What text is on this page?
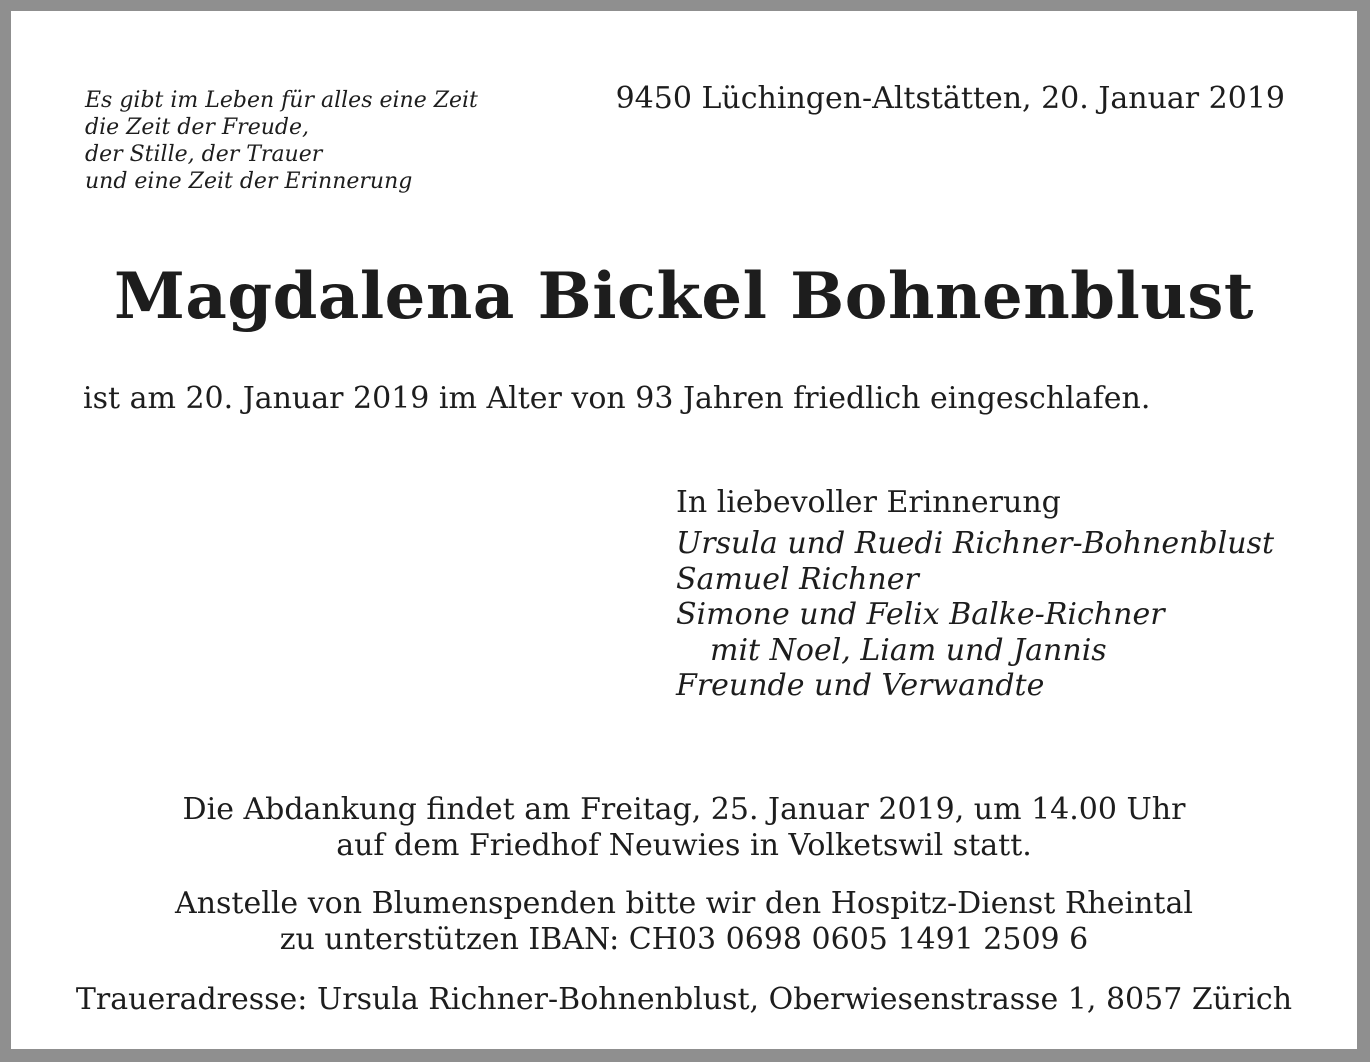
Es gibt im Leben für alles eine Zeit
die Zeit der Freude,
der Stille, der Trauer
und eine Zeit der Erinnerung
9450 Lüchingen-Altstätten, 20. Januar 2019
Magdalena Bickel Bohnenblust
ist am 20. Januar 2019 im Alter von 93 Jahren friedlich eingeschlafen.
In liebevoller Erinnerung
Ursula und Ruedi Richner-Bohnenblust
Samuel Richner
Simone und Felix Balke-Richner
mit Noel, Liam und Jannis
Freunde und Verwandte
Die Abdankung findet am Freitag, 25. Januar 2019, um 14.00 Uhr
auf dem Friedhof Neuwies in Volketswil statt.
Anstelle von Blumenspenden bitte wir den Hospitz-Dienst Rheintal
zu unterstützen IBAN: CH03 0698 0605 1491 2509 6
Traueradresse: Ursula Richner-Bohnenblust, Oberwiesenstrasse 1, 8057 Zürich
